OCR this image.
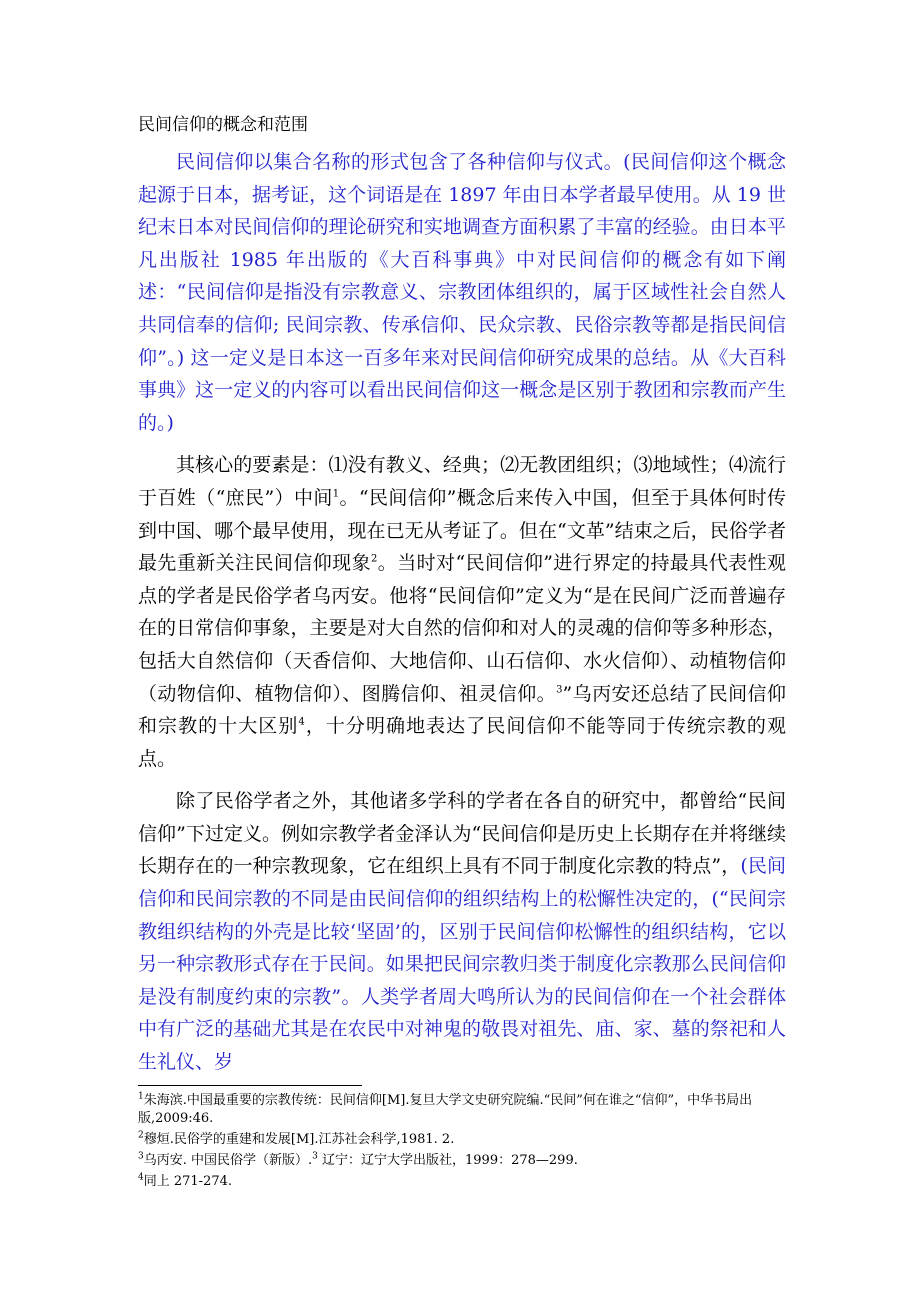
民间信仰的概念和范围

民间信仰以集合名称的形式包含了各种信仰与仪式。(民间信仰这个概念起源于日本，据考证，这个词语是在 1897 年由日本学者最早使用。从 19 世纪末日本对民间信仰的理论研究和实地调查方面积累了丰富的经验。由日本平凡出版社 1985 年出版的《大百科事典》中对民间信仰的概念有如下阐述：“民间信仰是指没有宗教意义、宗教团体组织的，属于区域性社会自然人共同信奉的信仰; 民间宗教、传承信仰、民众宗教、民俗宗教等都是指民间信仰”。) 这一定义是日本这一百多年来对民间信仰研究成果的总结。从《大百科事典》这一定义的内容可以看出民间信仰这一概念是区别于教团和宗教而产生的。)

其核心的要素是：⑴没有教义、经典；⑵无教团组织；⑶地域性；⑷流行于百姓（“庶民”）中间$^1$。“民间信仰”概念后来传入中国，但至于具体何时传到中国、哪个最早使用，现在已无从考证了。但在“文革”结束之后，民俗学者最先重新关注民间信仰现象$^2$。当时对“民间信仰”进行界定的持最具代表性观点的学者是民俗学者乌丙安。他将“民间信仰”定义为“是在民间广泛而普遍存在的日常信仰事象，主要是对大自然的信仰和对人的灵魂的信仰等多种形态，包括大自然信仰（天香信仰、大地信仰、山石信仰、水火信仰）、动植物信仰（动物信仰、植物信仰）、图腾信仰、祖灵信仰。$^3$”乌丙安还总结了民间信仰和宗教的十大区别$^4$，十分明确地表达了民间信仰不能等同于传统宗教的观点。

除了民俗学者之外，其他诸多学科的学者在各自的研究中，都曾给“民间信仰”下过定义。例如宗教学者金泽认为“民间信仰是历史上长期存在并将继续长期存在的一种宗教现象，它在组织上具有不同于制度化宗教的特点”，(民间信仰和民间宗教的不同是由民间信仰的组织结构上的松懈性决定的，(“民间宗教组织结构的外壳是比较‘坚固’的，区别于民间信仰松懈性的组织结构，它以另一种宗教形式存在于民间。如果把民间宗教归类于制度化宗教那么民间信仰是没有制度约束的宗教”。人类学者周大鸣所认为的民间信仰在一个社会群体中有广泛的基础尤其是在农民中对神鬼的敬畏对祖先、庙、家、墓的祭祀和人生礼仪、岁

$^1$朱海滨.中国最重要的宗教传统：民间信仰[M].复旦大学文史研究院编.“民间”何在谁之“信仰”，中华书局出版,2009:46.
$^2$穆烜.民俗学的重建和发展[M].江苏社会科学,1981. 2.
$^3$乌丙安. 中国民俗学（新版）.$^3$ 辽宁：辽宁大学出版社，1999：278—299.
$^4$同上 271-274.
